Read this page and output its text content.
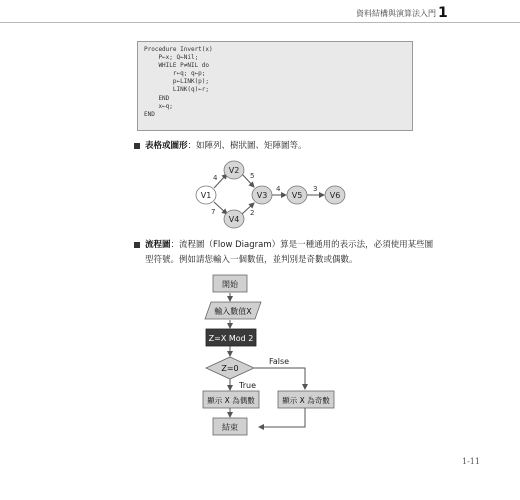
資料結構與演算法入門 1
Procedure Invert(x)
P←x; Q←Nil;
WHILE P≠NIL do
r←q; q←p;
p←LINK(p);
LINK(q)←r;
END
x←q;
END
表格或圖形：如陣列、樹狀圖、矩陣圖等。
4	5
7	2
4	3
V1
V2
V3
V4
V5	V6
流程圖：流程圖（Flow Diagram）算是一種通用的表示法，必須使用某些圖
型符號。例如請您輸入一個數值，並判別是奇數或偶數。
開始
輸入數值X
Z=X Mod 2
Z=0
False
True
顯示 X 為偶數	顯示 X 為奇數
結束
1-11
